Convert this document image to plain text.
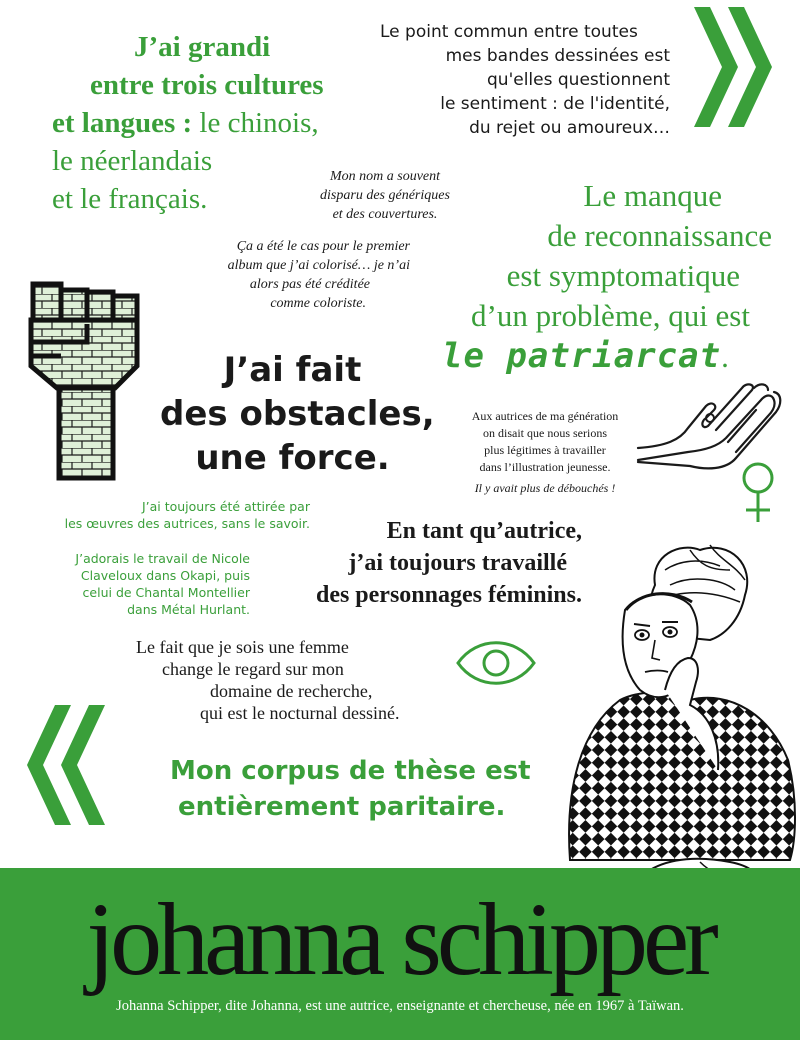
J’ai grandi
entre trois cultures
et langues : le chinois,
le néerlandais
et le français.
Le point commun entre toutes
mes bandes dessinées est
qu'elles questionnent
le sentiment : de l'identité,
du rejet ou amoureux…
Mon nom a souvent
disparu des génériques
et des couvertures.
Ça a été le cas pour le premier
album que j’ai colorisé… je n’ai
alors pas été créditée
comme coloriste.
Le manque
de reconnaissance
est symptomatique
d’un problème, qui est
le patriarcat.
J’ai fait
des obstacles,
une force.
Aux autrices de ma génération
on disait que nous serions
plus légitimes à travailler
dans l’illustration jeunesse.
Il y avait plus de débouchés !
J’ai toujours été attirée par
les œuvres des autrices, sans le savoir.
J’adorais le travail de Nicole
Claveloux dans Okapi, puis
celui de Chantal Montellier
dans Métal Hurlant.
En tant qu’autrice,
j’ai toujours travaillé
des personnages féminins.
Le fait que je sois une femme
change le regard sur mon
domaine de recherche,
qui est le nocturnal dessiné.
Mon corpus de thèse est
entièrement paritaire.
johanna schipper
Johanna Schipper, dite Johanna, est une autrice, enseignante et chercheuse, née en 1967 à Taïwan.
